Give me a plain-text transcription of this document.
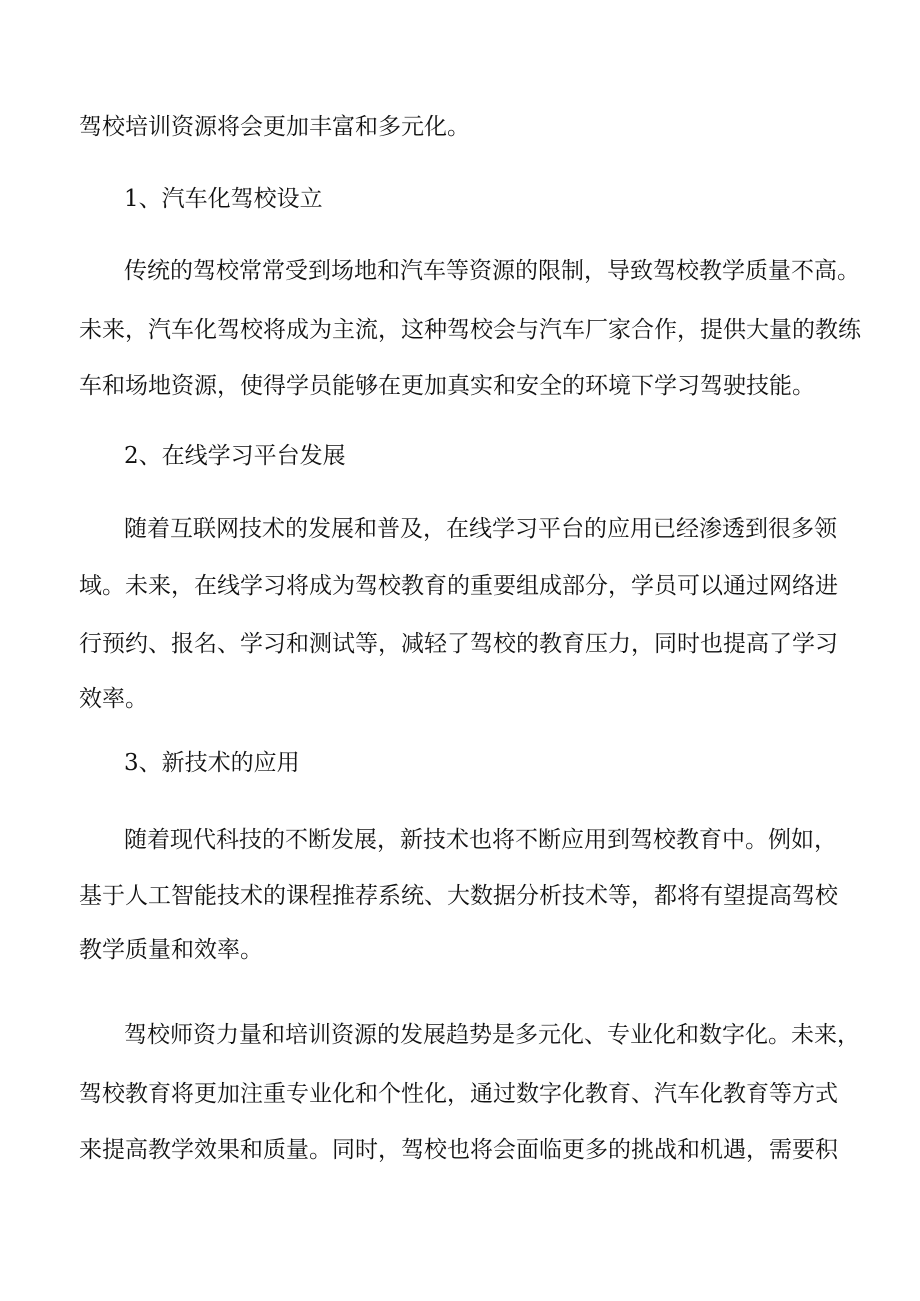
驾校培训资源将会更加丰富和多元化。

1、汽车化驾校设立

传统的驾校常常受到场地和汽车等资源的限制，导致驾校教学质量不高。

未来，汽车化驾校将成为主流，这种驾校会与汽车厂家合作，提供大量的教练

车和场地资源，使得学员能够在更加真实和安全的环境下学习驾驶技能。

2、在线学习平台发展

随着互联网技术的发展和普及，在线学习平台的应用已经渗透到很多领

域。未来，在线学习将成为驾校教育的重要组成部分，学员可以通过网络进

行预约、报名、学习和测试等，减轻了驾校的教育压力，同时也提高了学习

效率。

3、新技术的应用

随着现代科技的不断发展，新技术也将不断应用到驾校教育中。例如，

基于人工智能技术的课程推荐系统、大数据分析技术等，都将有望提高驾校

教学质量和效率。

驾校师资力量和培训资源的发展趋势是多元化、专业化和数字化。未来，

驾校教育将更加注重专业化和个性化，通过数字化教育、汽车化教育等方式

来提高教学效果和质量。同时，驾校也将会面临更多的挑战和机遇，需要积
